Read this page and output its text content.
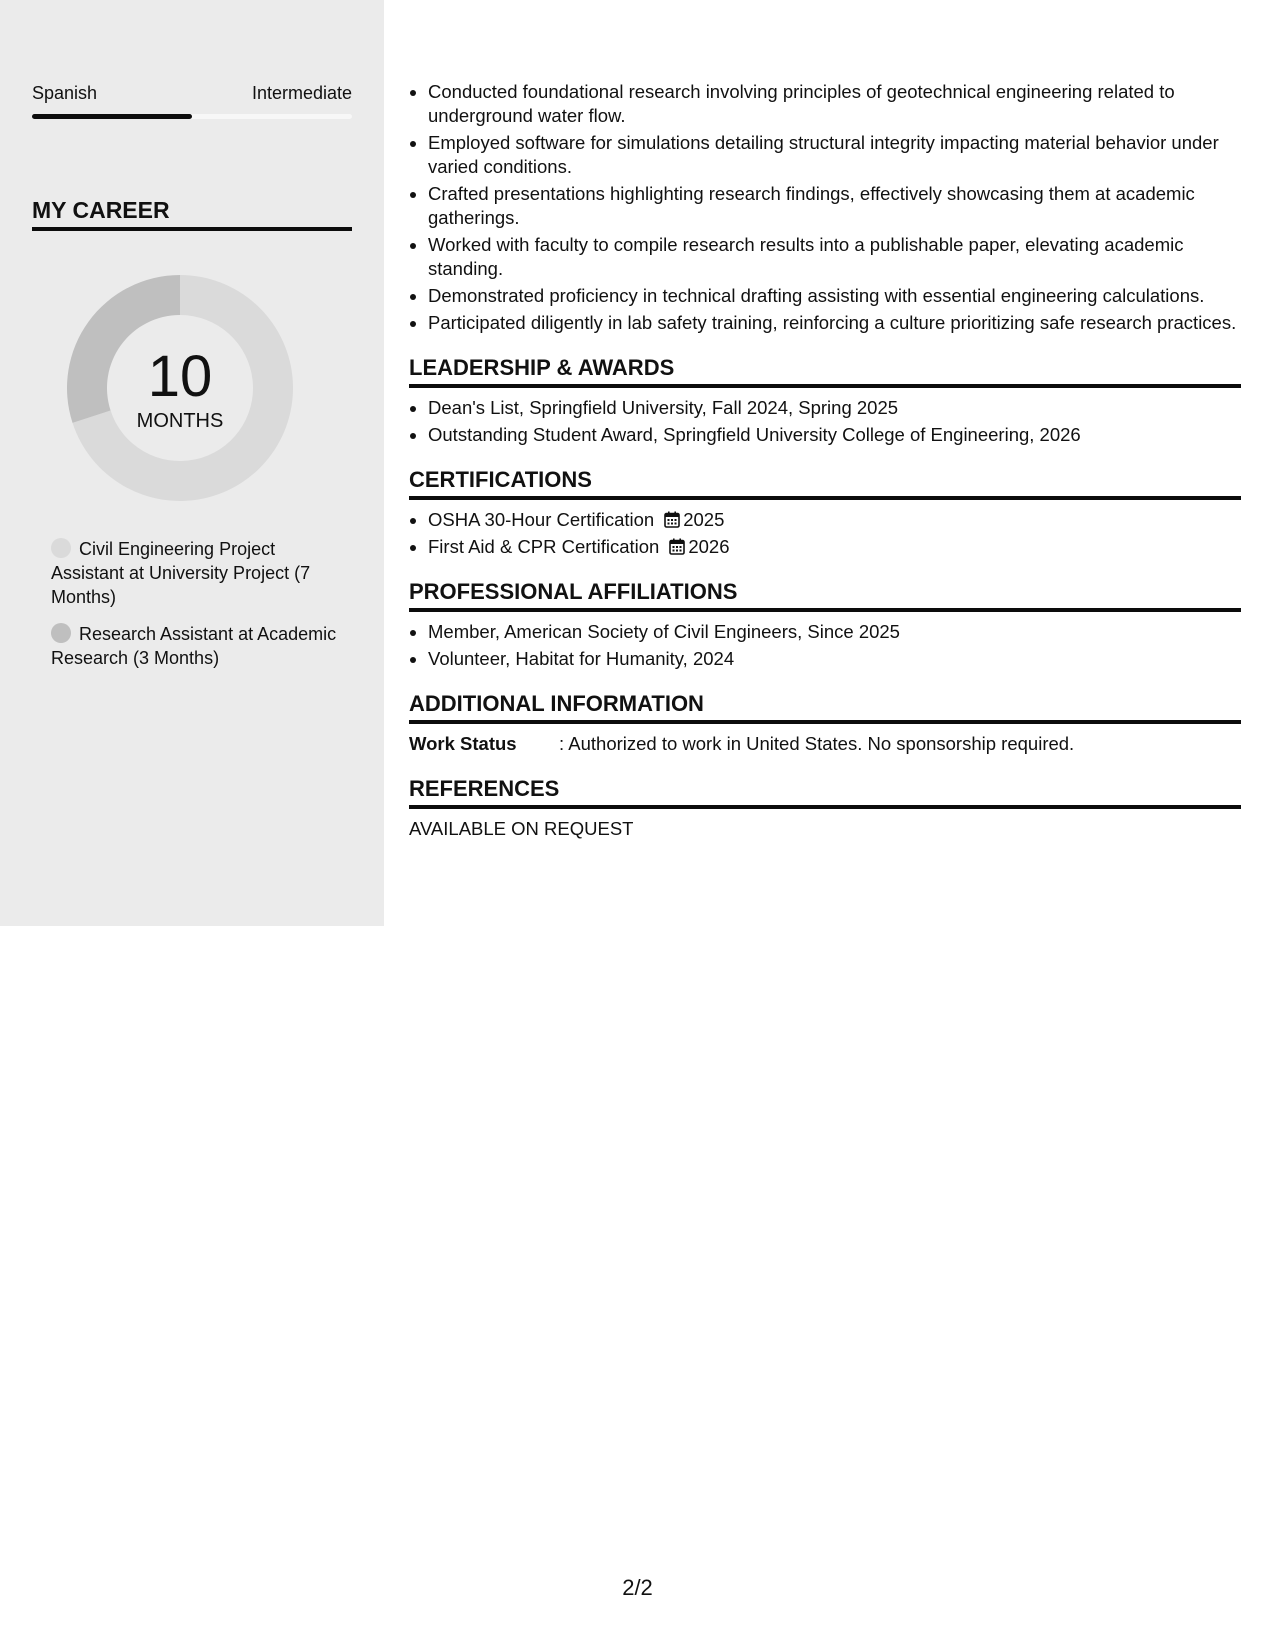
Spanish	Intermediate
MY CAREER
10
MONTHS
Civil Engineering Project Assistant at University Project (7 Months)
Research Assistant at Academic Research (3 Months)
• Conducted foundational research involving principles of geotechnical engineering related to underground water flow.
• Employed software for simulations detailing structural integrity impacting material behavior under varied conditions.
• Crafted presentations highlighting research findings, effectively showcasing them at academic gatherings.
• Worked with faculty to compile research results into a publishable paper, elevating academic standing.
• Demonstrated proficiency in technical drafting assisting with essential engineering calculations.
• Participated diligently in lab safety training, reinforcing a culture prioritizing safe research practices.
LEADERSHIP & AWARDS
• Dean's List, Springfield University, Fall 2024, Spring 2025
• Outstanding Student Award, Springfield University College of Engineering, 2026
CERTIFICATIONS
• OSHA 30-Hour Certification 2025
• First Aid & CPR Certification 2026
PROFESSIONAL AFFILIATIONS
• Member, American Society of Civil Engineers, Since 2025
• Volunteer, Habitat for Humanity, 2024
ADDITIONAL INFORMATION
Work Status : Authorized to work in United States. No sponsorship required.
REFERENCES
AVAILABLE ON REQUEST
2/2
